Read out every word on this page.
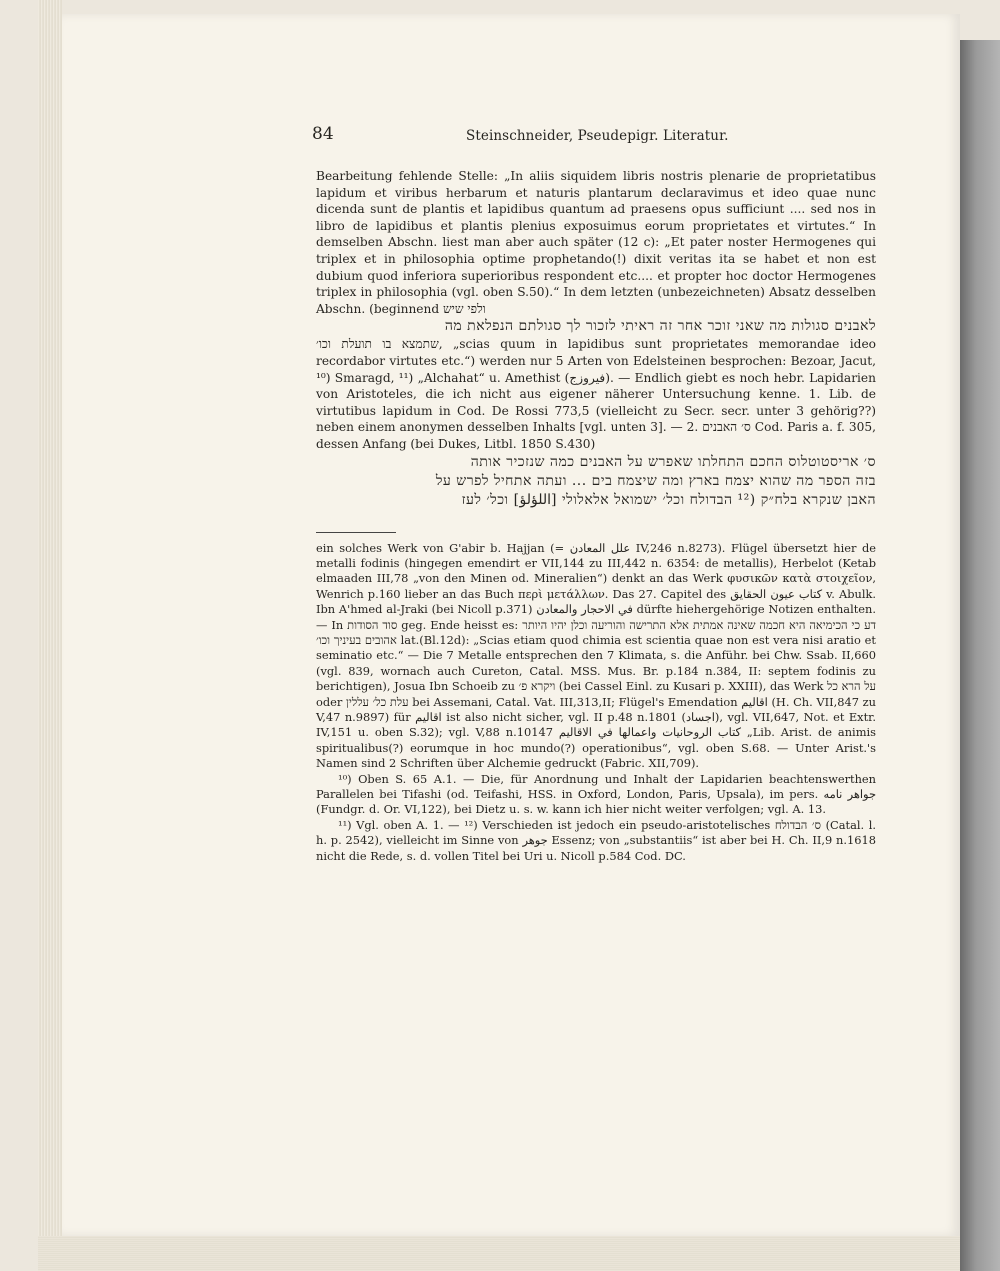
84	Steinschneider, Pseudepigr. Literatur.

Bearbeitung fehlende Stelle: „In aliis siquidem libris nostris plenarie de proprietatibus lapidum et viribus herbarum et naturis plantarum declaravimus et ideo quae nunc dicenda sunt de plantis et lapidibus quantum ad praesens opus sufficiunt .... sed nos in libro de lapidibus et plantis plenius exposuimus eorum proprietates et virtutes.“ In demselben Abschn. liest man aber auch später (12 c): „Et pater noster Hermogenes qui triplex et in philosophia optime prophetando(!) dixit veritas ita se habet et non est dubium quod inferiora superioribus respondent etc.... et propter hoc doctor Hermogenes triplex in philosophia (vgl. oben S.50).“ In dem letzten (unbezeichneten) Absatz desselben Abschn. (beginnend ולפי שיש

לאבנים סגולות מה שאני זוכר אחר זה ראיתי לזכור לך סגולתם הנפלאת מה

שתמצא בו תועלת וכו׳, „scias quum in lapidibus sunt proprietates memorandae ideo recordabor virtutes etc.“) werden nur 5 Arten von Edelsteinen besprochen: Bezoar, Jacut, ¹⁰) Smaragd, ¹¹) „Alchahat“ u. Amethist (فيروزج). — Endlich giebt es noch hebr. Lapidarien von Aristoteles, die ich nicht aus eigener näherer Untersuchung kenne. 1. Lib. de virtutibus lapidum in Cod. De Rossi 773,5 (vielleicht zu Secr. secr. unter 3 gehörig??) neben einem anonymen desselben Inhalts [vgl. unten 3]. — 2. ס׳ האבנים Cod. Paris a. f. 305, dessen Anfang (bei Dukes, Litbl. 1850 S.430)

ס׳ אריסטוטלוס החכם התחלתו שאפרש על האבנים כמה שנזכיר אותה

בזה הספר מה שהוא יצמח בארץ ומה שיצמח בים ... ועתה אתחיל לפרש על

האבן שנקרא בלח״ק (¹² הבדולח וכל׳ ישמואל אלאלולי [اللؤلؤ] וכל׳ לעז

ein solches Werk von G'abir b. Hajjan (= علل المعادن IV,246 n.8273). Flügel übersetzt hier de metalli fodinis (hingegen emendirt er VII,144 zu III,442 n. 6354: de metallis), Herbelot (Ketab elmaaden III,78 „von den Minen od. Mineralien“) denkt an das Werk φυσικῶν κατὰ στοιχεῖον, Wenrich p.160 lieber an das Buch περὶ μετάλλων. Das 27. Capitel des كتاب عيون الحقايق v. Abulk. Ibn A'hmed al-Jraki (bei Nicoll p.371) في الاحجار والمعادن dürfte hiehergehörige Notizen enthalten. — In סוד הסודות geg. Ende heisst es: דע כי הכימיאה היא חכמה שאינה אמתית אלא התרישה והוריעה וכלן יהיו היותר אהובים בעיניך וכו׳ lat.(Bl.12d): „Scias etiam quod chimia est scientia quae non est vera nisi aratio et seminatio etc.“ — Die 7 Metalle entsprechen den 7 Klimata, s. die Anführ. bei Chw. Ssab. II,660 (vgl. 839, wornach auch Cureton, Catal. MSS. Mus. Br. p.184 n.384, II: septem fodinis zu berichtigen), Josua Ibn Schoeib zu ויקרא פ׳ (bei Cassel Einl. zu Kusari p. XXIII), das Werk על הרא כל oder עלת כל׳ עללין bei Assemani, Catal. Vat. III,313,II; Flügel's Emendation اقاليم (H. Ch. VII,847 zu V,47 n.9897) für اقاليم ist also nicht sicher, vgl. II p.48 n.1801 (اجساد), vgl. VII,647, Not. et Extr. IV,151 u. oben S.32); vgl. V,88 n.10147 كتاب الروحانيات واعمالها في الاقاليم „Lib. Arist. de animis spiritualibus(?) eorumque in hoc mundo(?) operationibus“, vgl. oben S.68. — Unter Arist.'s Namen sind 2 Schriften über Alchemie gedruckt (Fabric. XII,709).

¹⁰) Oben S. 65 A.1. — Die, für Anordnung und Inhalt der Lapidarien beachtenswerthen Parallelen bei Tifashi (od. Teifashi, HSS. in Oxford, London, Paris, Upsala), im pers. جواهر نامه (Fundgr. d. Or. VI,122), bei Dietz u. s. w. kann ich hier nicht weiter verfolgen; vgl. A. 13.

¹¹) Vgl. oben A. 1. — ¹²) Verschieden ist jedoch ein pseudo-aristotelisches ס׳ הבדולח (Catal. l. h. p. 2542), vielleicht im Sinne von جوهر Essenz; von „substantiis“ ist aber bei H. Ch. II,9 n.1618 nicht die Rede, s. d. vollen Titel bei Uri u. Nicoll p.584 Cod. DC.
